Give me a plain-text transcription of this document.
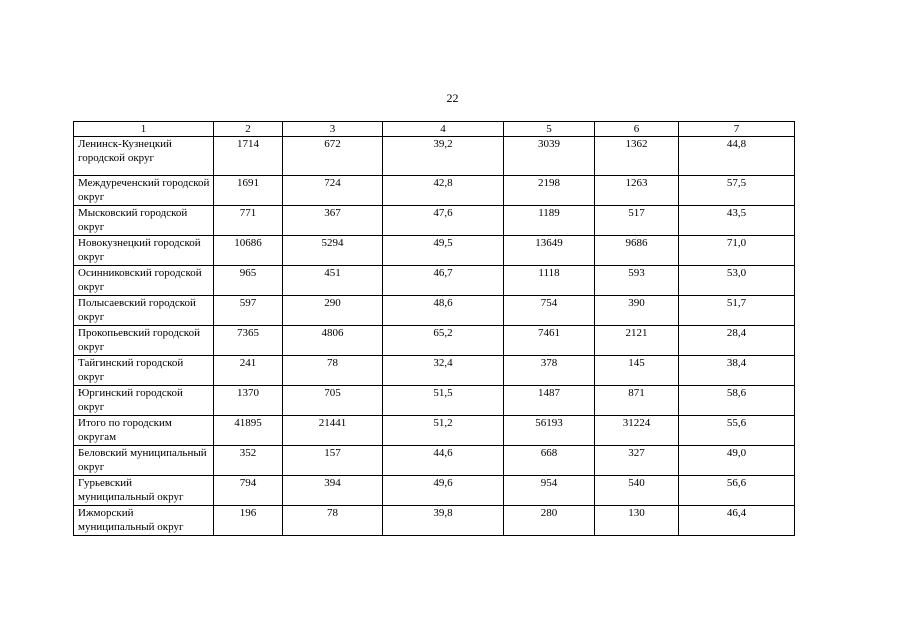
22
1	2	3	4	5	6	7
Ленинск-Кузнецкий городской округ	1714	672	39,2	3039	1362	44,8
Междуреченский городской округ	1691	724	42,8	2198	1263	57,5
Мысковский городской округ	771	367	47,6	1189	517	43,5
Новокузнецкий городской округ	10686	5294	49,5	13649	9686	71,0
Осинниковский городской округ	965	451	46,7	1118	593	53,0
Полысаевский городской округ	597	290	48,6	754	390	51,7
Прокопьевский городской округ	7365	4806	65,2	7461	2121	28,4
Тайгинский городской округ	241	78	32,4	378	145	38,4
Юргинский городской округ	1370	705	51,5	1487	871	58,6
Итого по городским округам	41895	21441	51,2	56193	31224	55,6
Беловский муниципальный округ	352	157	44,6	668	327	49,0
Гурьевский муниципальный округ	794	394	49,6	954	540	56,6
Ижморский муниципальный округ	196	78	39,8	280	130	46,4
